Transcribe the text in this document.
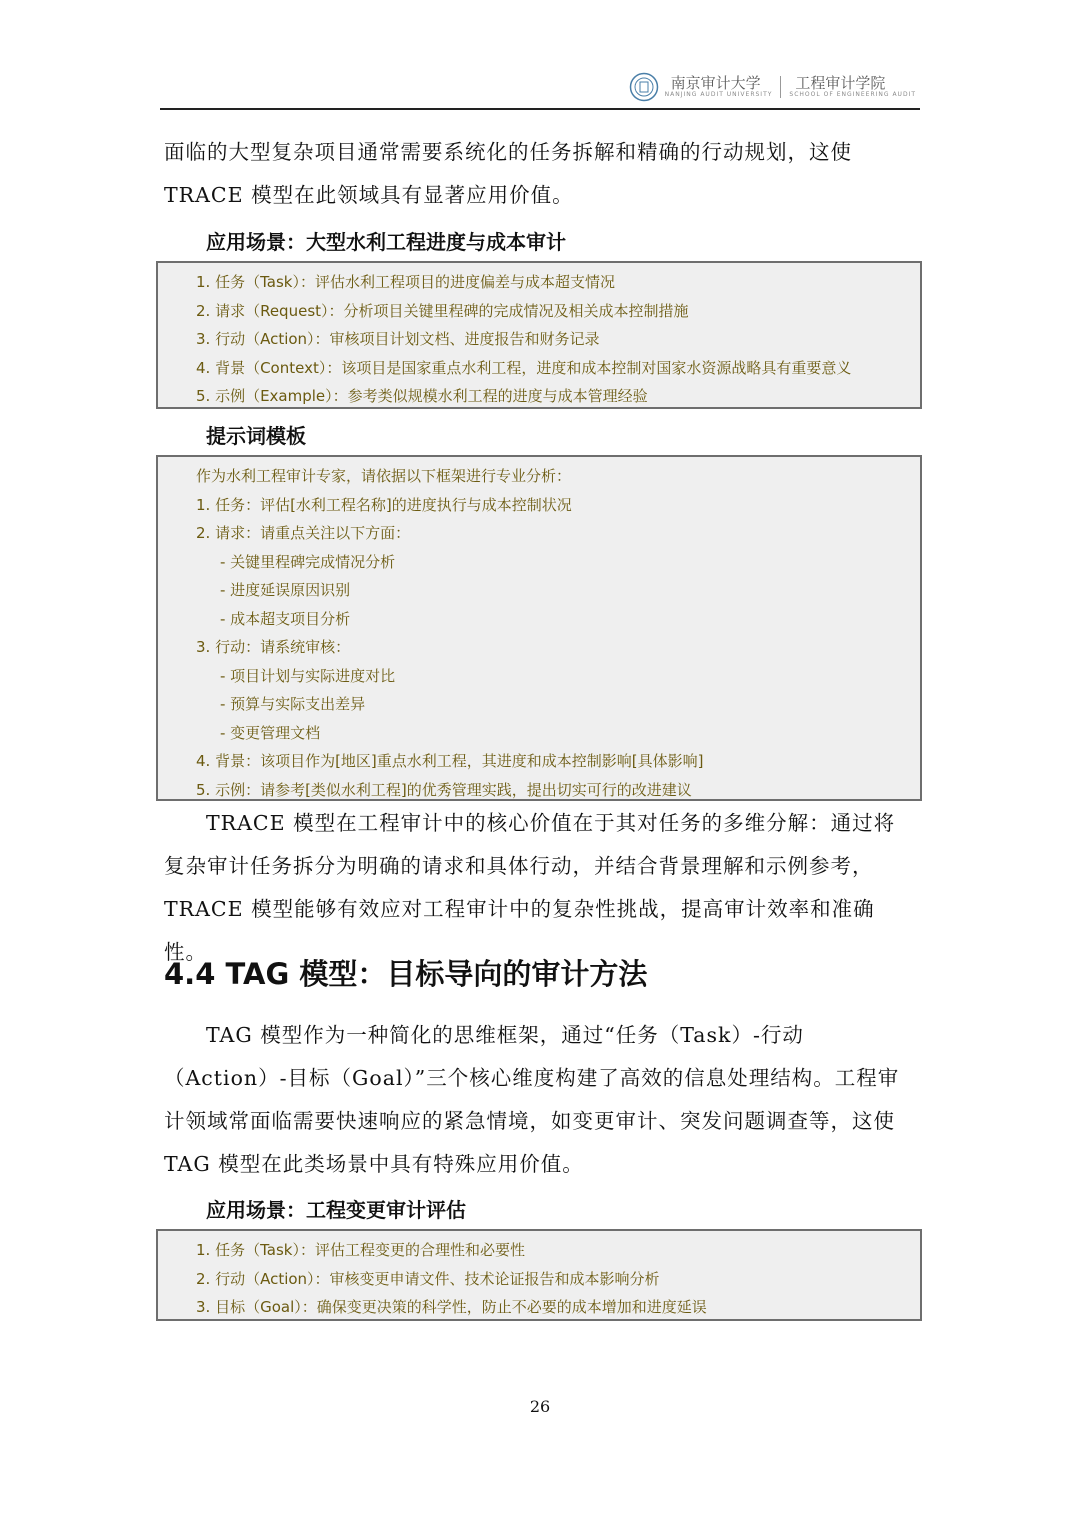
南京审计大学
NANJING AUDIT UNIVERSITY
工程审计学院
SCHOOL OF ENGINEERING AUDIT

面临的大型复杂项目通常需要系统化的任务拆解和精确的行动规划，这使TRACE 模型在此领域具有显著应用价值。

应用场景：大型水利工程进度与成本审计

1. 任务（Task）：评估水利工程项目的进度偏差与成本超支情况
2. 请求（Request）：分析项目关键里程碑的完成情况及相关成本控制措施
3. 行动（Action）：审核项目计划文档、进度报告和财务记录
4. 背景（Context）：该项目是国家重点水利工程，进度和成本控制对国家水资源战略具有重要意义
5. 示例（Example）：参考类似规模水利工程的进度与成本管理经验

提示词模板

作为水利工程审计专家，请依据以下框架进行专业分析：
1. 任务：评估[水利工程名称]的进度执行与成本控制状况
2. 请求：请重点关注以下方面：
- 关键里程碑完成情况分析
- 进度延误原因识别
- 成本超支项目分析
3. 行动：请系统审核：
- 项目计划与实际进度对比
- 预算与实际支出差异
- 变更管理文档
4. 背景：该项目作为[地区]重点水利工程，其进度和成本控制影响[具体影响]
5. 示例：请参考[类似水利工程]的优秀管理实践，提出切实可行的改进建议

TRACE 模型在工程审计中的核心价值在于其对任务的多维分解：通过将复杂审计任务拆分为明确的请求和具体行动，并结合背景理解和示例参考，TRACE 模型能够有效应对工程审计中的复杂性挑战，提高审计效率和准确性。

4.4 TAG 模型：目标导向的审计方法

TAG 模型作为一种简化的思维框架，通过“任务（Task）-行动（Action）-目标（Goal）”三个核心维度构建了高效的信息处理结构。工程审计领域常面临需要快速响应的紧急情境，如变更审计、突发问题调查等，这使 TAG 模型在此类场景中具有特殊应用价值。

应用场景：工程变更审计评估

1. 任务（Task）：评估工程变更的合理性和必要性
2. 行动（Action）：审核变更申请文件、技术论证报告和成本影响分析
3. 目标（Goal）：确保变更决策的科学性，防止不必要的成本增加和进度延误
26
